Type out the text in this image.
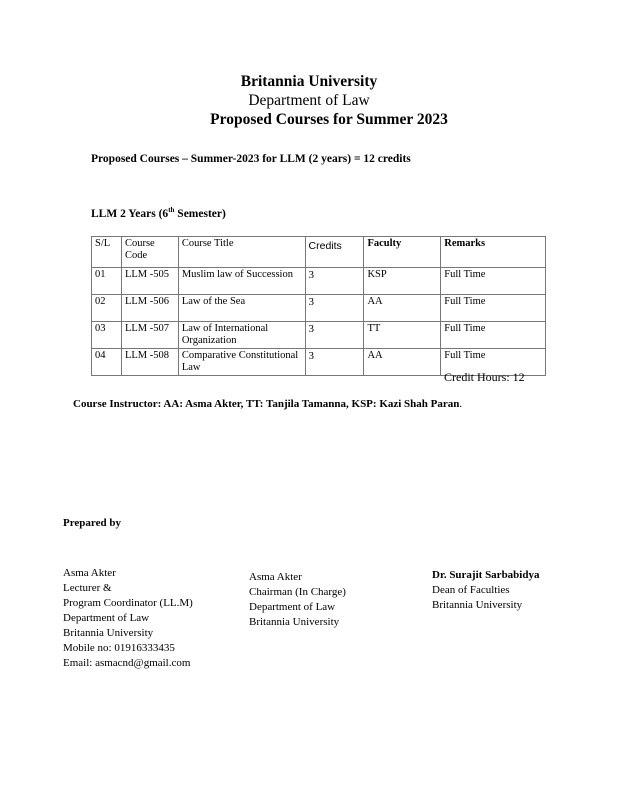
Britannia University
Department of Law
Proposed Courses for Summer 2023
Proposed Courses – Summer-2023 for LLM (2 years) = 12 credits
LLM 2 Years (6th Semester)
S/L	Course Code	Course Title	Credits	Faculty	Remarks
01	LLM -505	Muslim law of Succession	3	KSP	Full Time
02	LLM -506	Law of the Sea	3	AA	Full Time
03	LLM -507	Law of International Organization	3	TT	Full Time
04	LLM -508	Comparative Constitutional Law	3	AA	Full Time
Credit Hours: 12
Course Instructor: AA: Asma Akter, TT: Tanjila Tamanna, KSP: Kazi Shah Paran.
Prepared by
Asma Akter
Lecturer &
Program Coordinator (LL.M)
Department of Law
Britannia University
Mobile no: 01916333435
Email: asmacnd@gmail.com
Asma Akter
Chairman (In Charge)
Department of Law
Britannia University
Dr. Surajit Sarbabidya
Dean of Faculties
Britannia University
